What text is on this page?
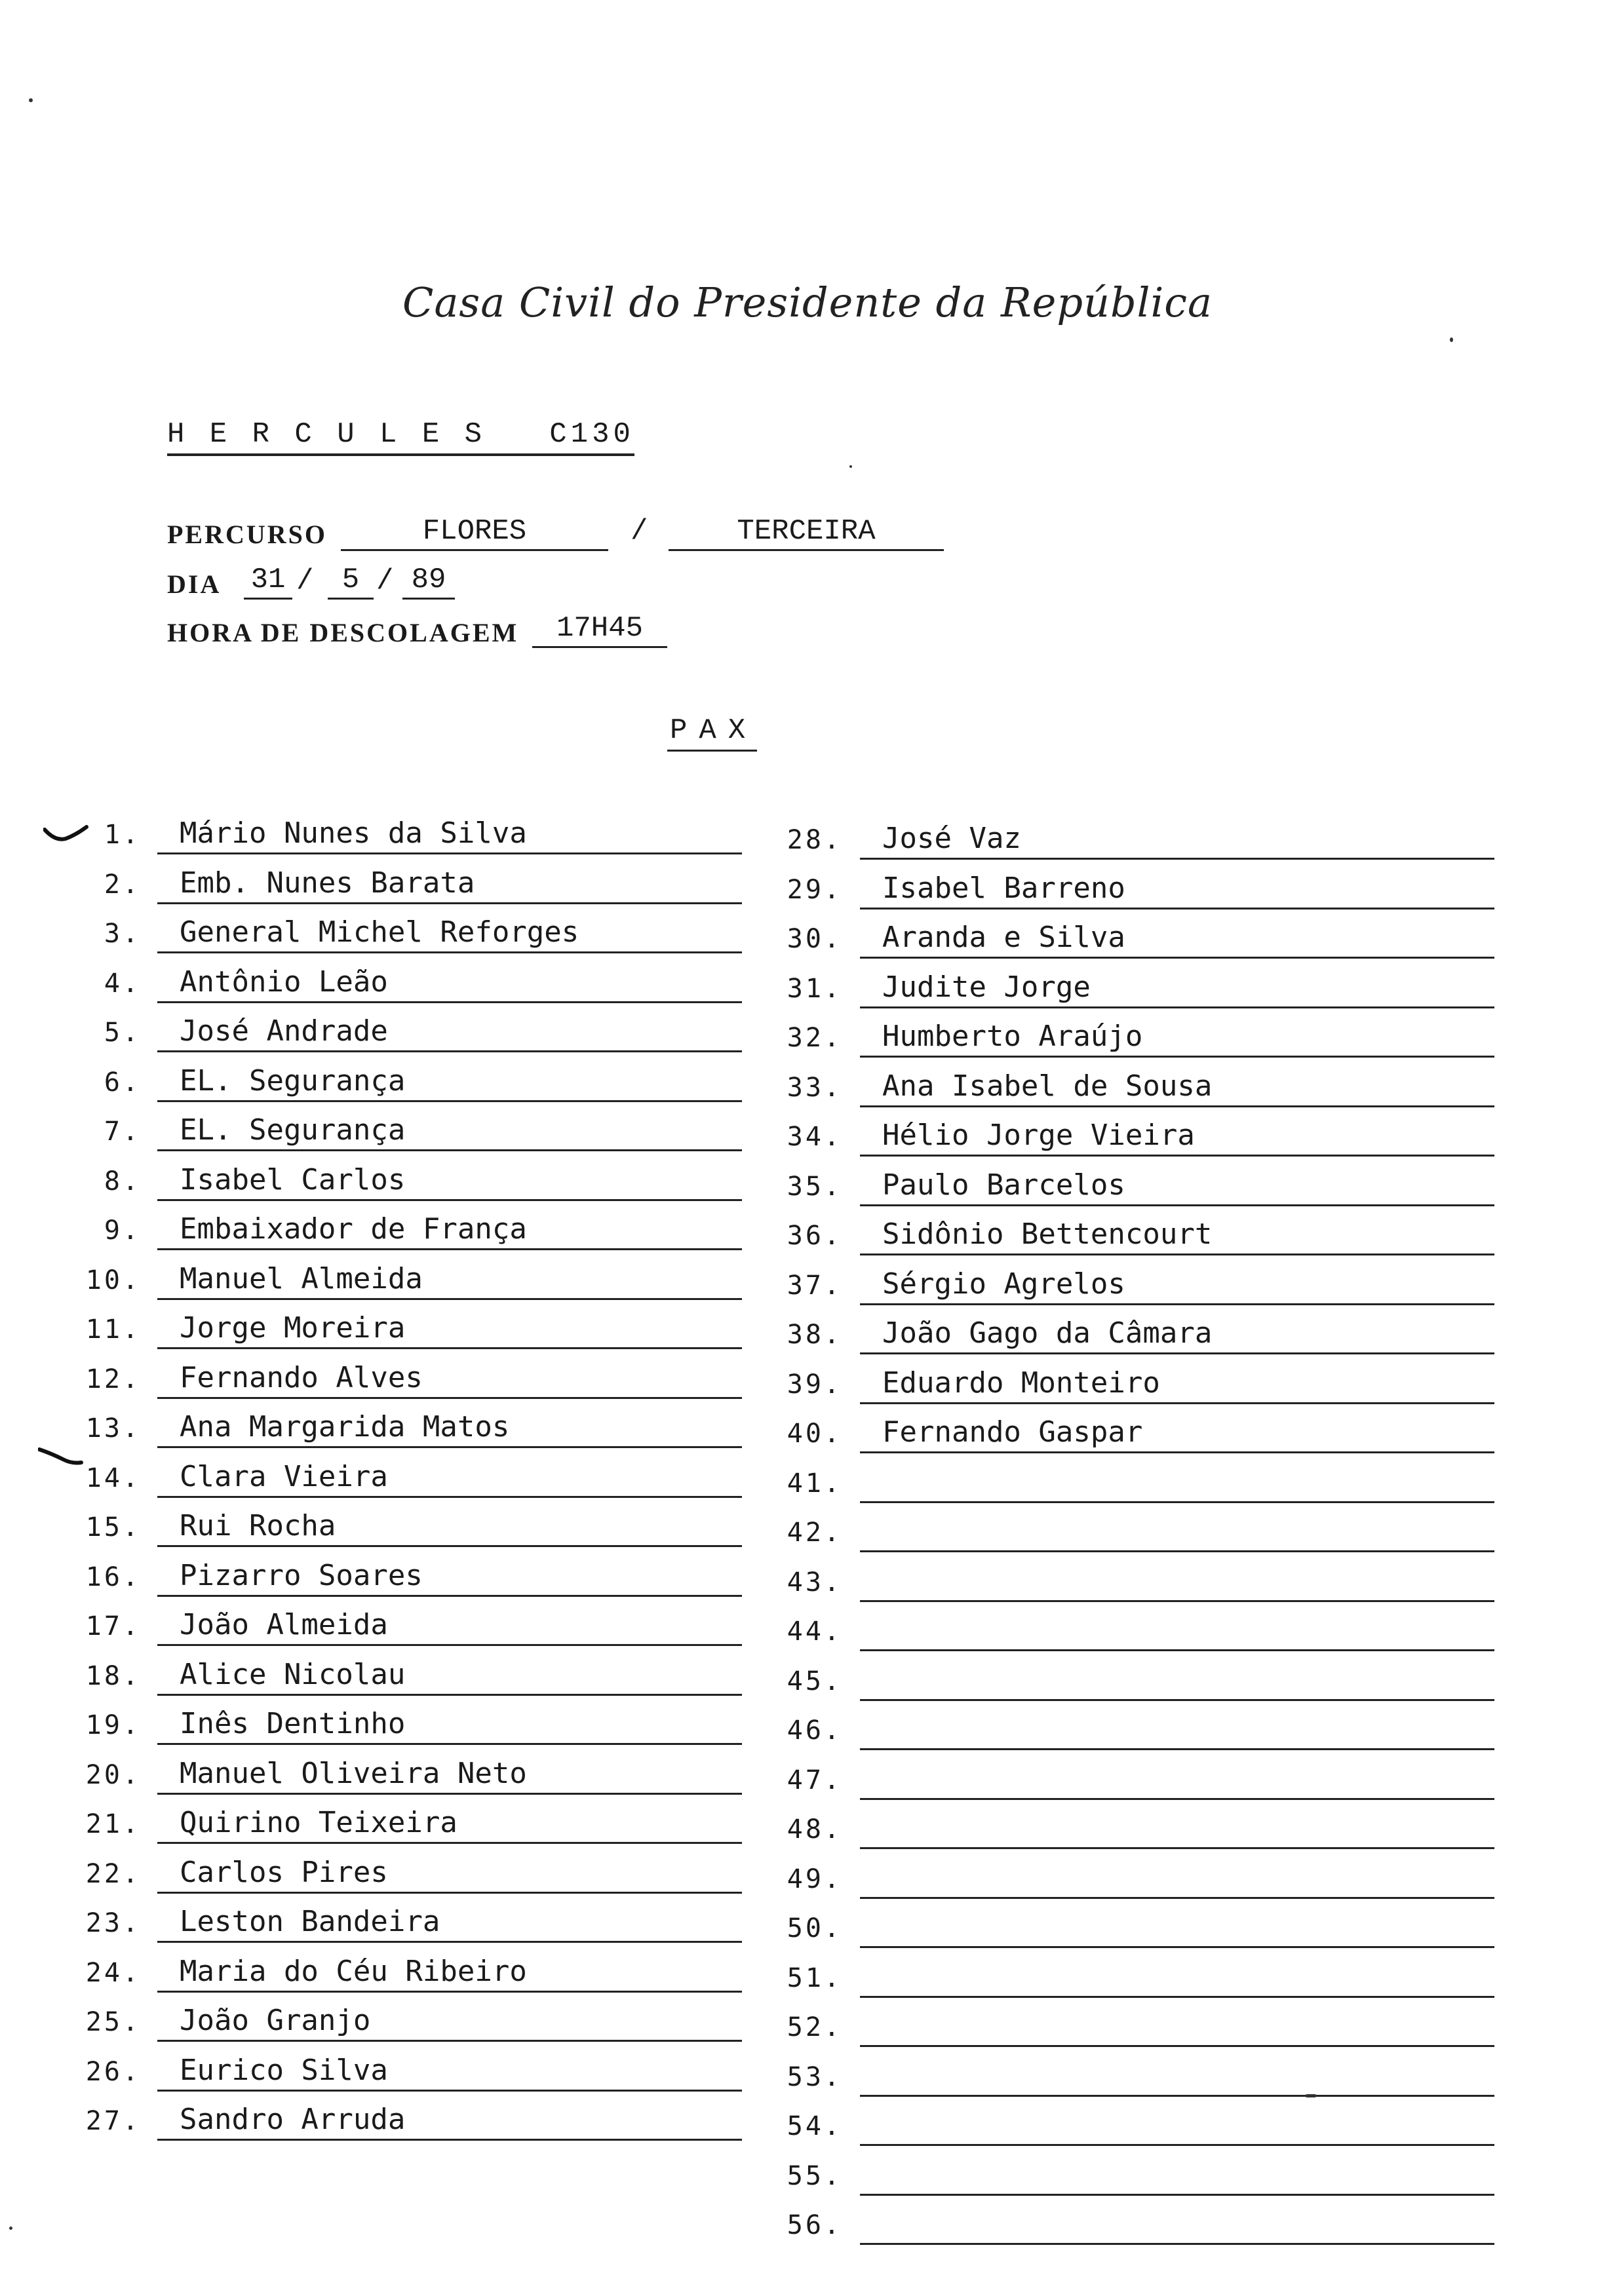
Casa Civil do Presidente da República
H E R C U L E S   C130
PERCURSO	FLORES	/	TERCEIRA
DIA 31 / 5 / 89
HORA DE DESCOLAGEM	17H45
PAX
1. Mário Nunes da Silva
2. Emb. Nunes Barata
3. General Michel Reforges
4. Antônio Leão
5. José Andrade
6. EL. Segurança
7. EL. Segurança
8. Isabel Carlos
9. Embaixador de França
10. Manuel Almeida
11. Jorge Moreira
12. Fernando Alves
13. Ana Margarida Matos
14. Clara Vieira
15. Rui Rocha
16. Pizarro Soares
17. João Almeida
18. Alice Nicolau
19. Inês Dentinho
20. Manuel Oliveira Neto
21. Quirino Teixeira
22. Carlos Pires
23. Leston Bandeira
24. Maria do Céu Ribeiro
25. João Granjo
26. Eurico Silva
27. Sandro Arruda
28. José Vaz
29. Isabel Barreno
30. Aranda e Silva
31. Judite Jorge
32. Humberto Araújo
33. Ana Isabel de Sousa
34. Hélio Jorge Vieira
35. Paulo Barcelos
36. Sidônio Bettencourt
37. Sérgio Agrelos
38. João Gago da Câmara
39. Eduardo Monteiro
40. Fernando Gaspar
41.
42.
43.
44.
45.
46.
47.
48.
49.
50.
51.
52.
53.
54.
55.
56.
